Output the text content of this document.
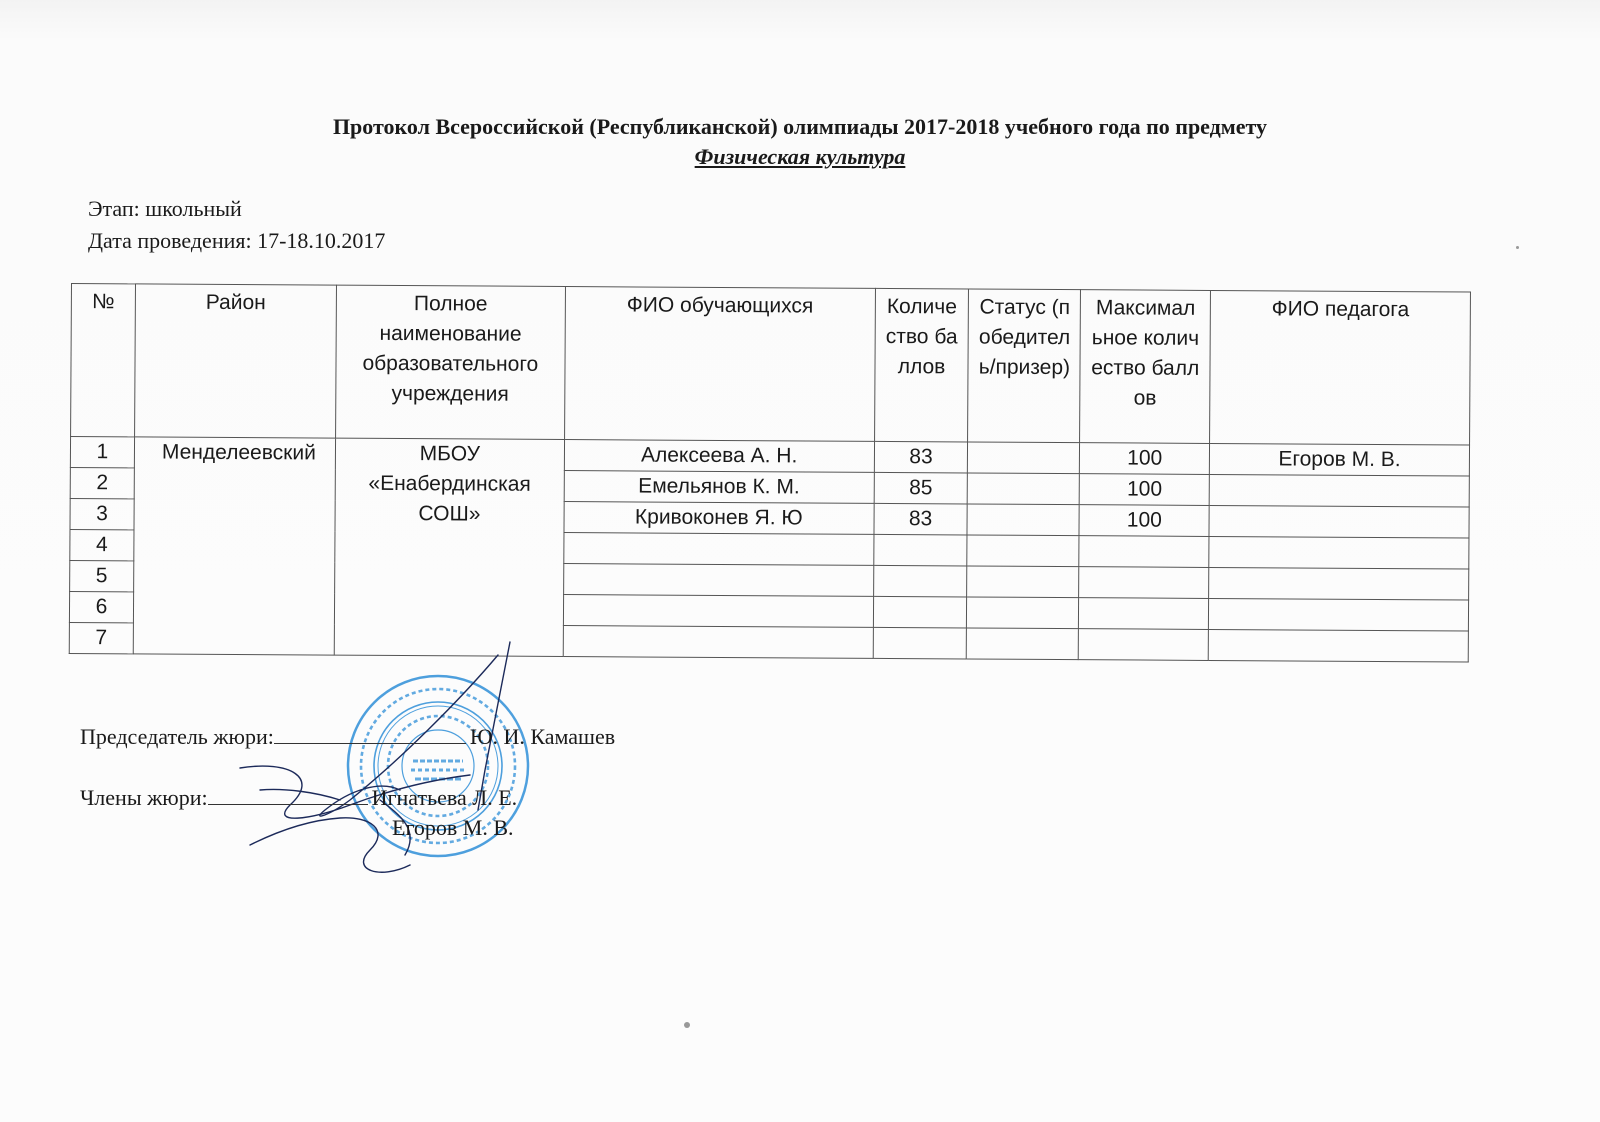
Протокол Всероссийской (Республиканской) олимпиады 2017-2018 учебного года по предмету
Физическая культура
Этап: школьный
Дата проведения: 17-18.10.2017
№	Район	Полное наименование образовательного учреждения	ФИО обучающихся	Количество баллов	Статус (победитель/призер)	Максимальное количество баллов	ФИО педагога
1	Менделеевский	МБОУ «Енабердинская СОШ»	Алексеева А. Н.	83		100	Егоров М. В.
2			Емельянов К. М.	85		100	
3			Кривоконев Я. Ю	83		100	
4							
5							
6							
7							
Председатель жюри:	Ю. И. Камашев
Члены жюри:	Игнатьева Л. Е.
Егоров М. В.
